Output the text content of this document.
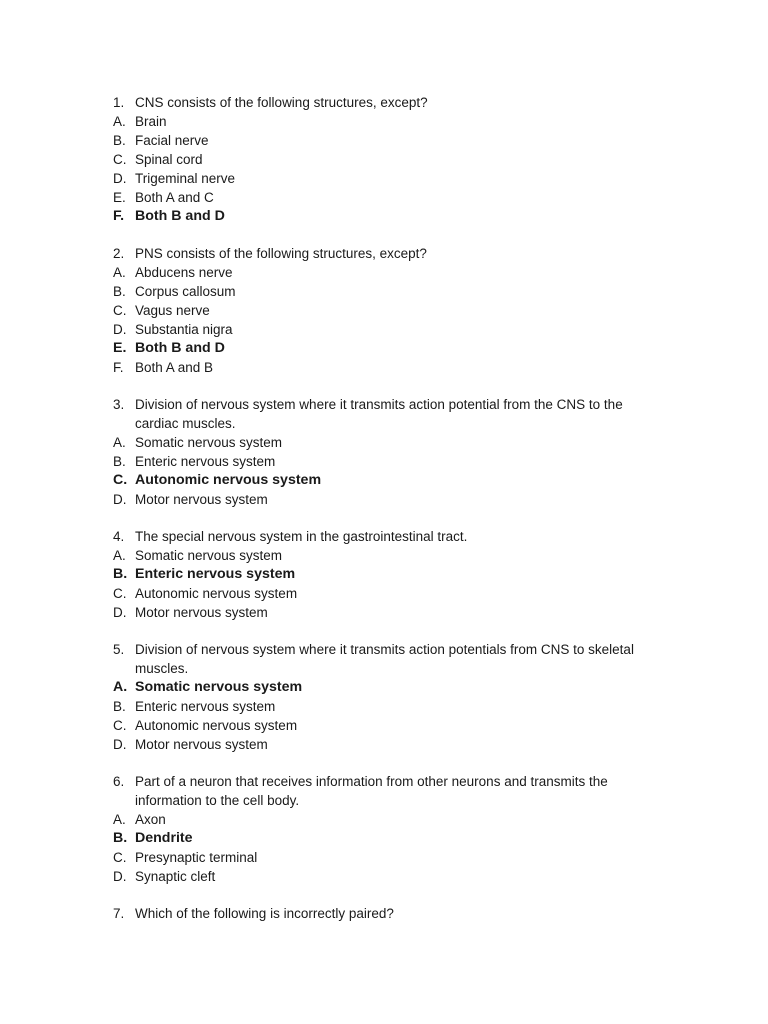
1. CNS consists of the following structures, except?
A. Brain
B. Facial nerve
C. Spinal cord
D. Trigeminal nerve
E. Both A and C
F. Both B and D
2. PNS consists of the following structures, except?
A. Abducens nerve
B. Corpus callosum
C. Vagus nerve
D. Substantia nigra
E. Both B and D
F. Both A and B
3. Division of nervous system where it transmits action potential from the CNS to the cardiac muscles.
A. Somatic nervous system
B. Enteric nervous system
C. Autonomic nervous system
D. Motor nervous system
4. The special nervous system in the gastrointestinal tract.
A. Somatic nervous system
B. Enteric nervous system
C. Autonomic nervous system
D. Motor nervous system
5. Division of nervous system where it transmits action potentials from CNS to skeletal muscles.
A. Somatic nervous system
B. Enteric nervous system
C. Autonomic nervous system
D. Motor nervous system
6. Part of a neuron that receives information from other neurons and transmits the information to the cell body.
A. Axon
B. Dendrite
C. Presynaptic terminal
D. Synaptic cleft
7. Which of the following is incorrectly paired?
